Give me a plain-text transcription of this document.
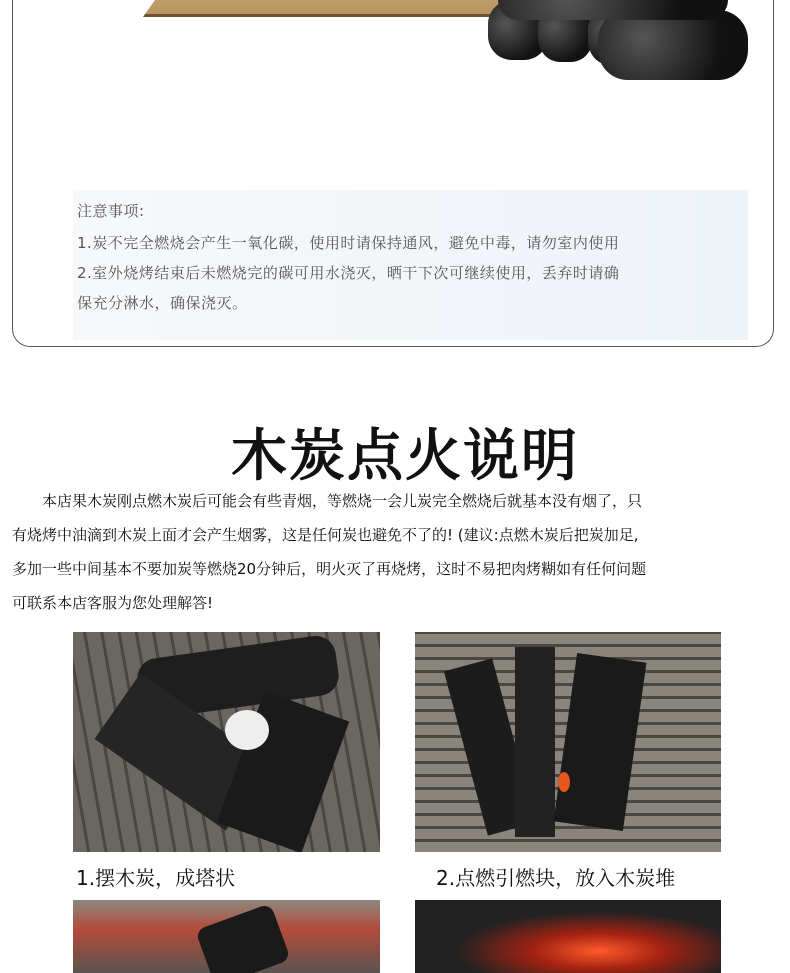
注意事项:

1.炭不完全燃烧会产生一氧化碳，使用时请保持通风，避免中毒，请勿室内使用

2.室外烧烤结束后未燃烧完的碳可用水浇灭，晒干下次可继续使用，丢弃时请确

保充分淋水，确保浇灭。

木炭点火说明
　　本店果木炭刚点燃木炭后可能会有些青烟，等燃烧一会儿炭完全燃烧后就基本没有烟了，只
有烧烤中油滴到木炭上面才会产生烟雾，这是任何炭也避免不了的! (建议:点燃木炭后把炭加足,
多加一些中间基本不要加炭等燃烧20分钟后，明火灭了再烧烤，这时不易把肉烤糊如有任何问题
可联系本店客服为您处理解答!
1.摆木炭，成塔状	2.点燃引燃块，放入木炭堆
